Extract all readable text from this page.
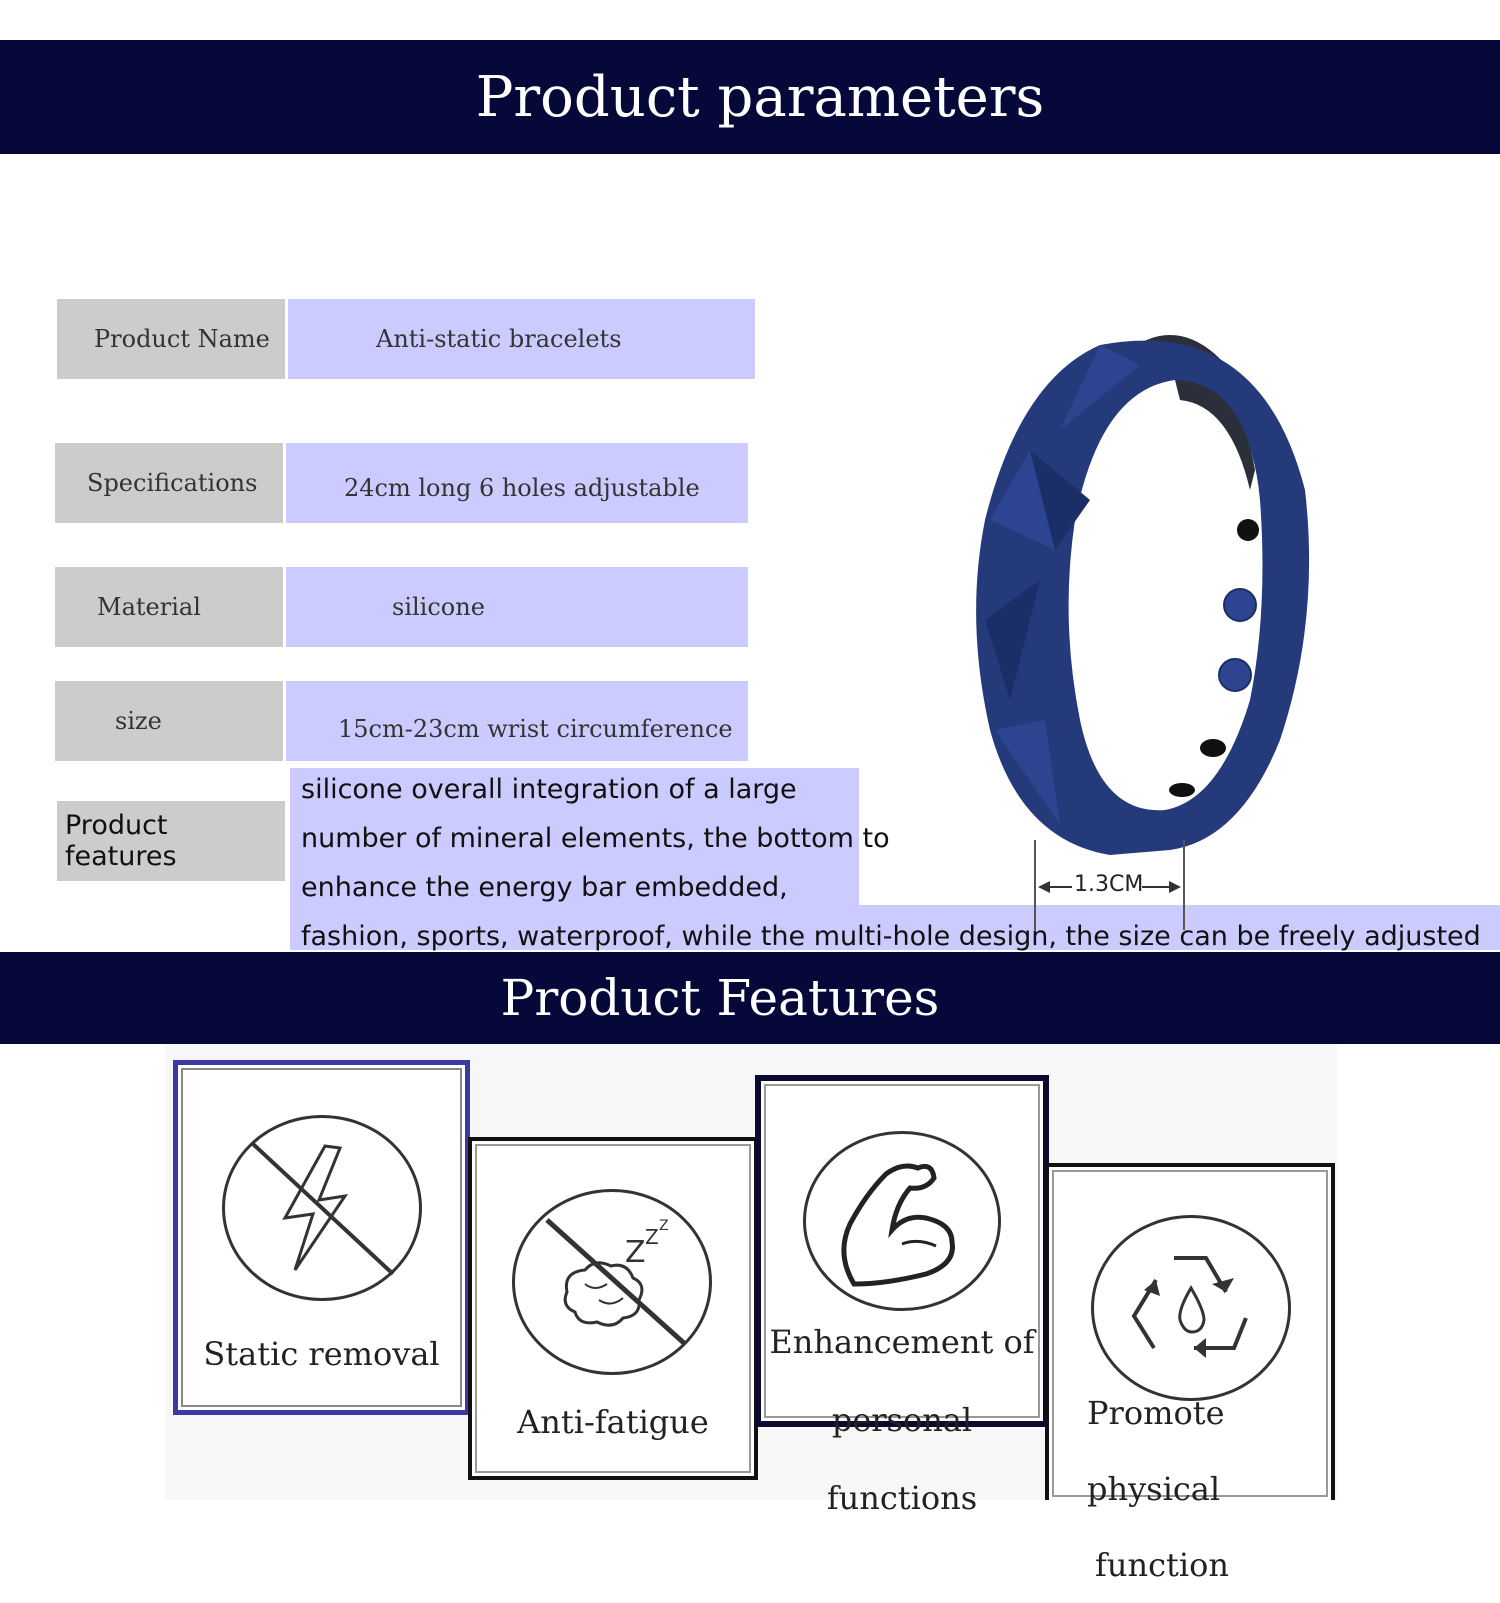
Product parameters
Product Name	Anti-static bracelets
Specifications	24cm long 6 holes adjustable
Material	silicone
size	15cm-23cm wrist circumference
Product features
silicone overall integration of a large
number of mineral elements, the bottom to
enhance the energy bar embedded,
fashion, sports, waterproof, while the multi-hole design, the size can be freely adjusted
1.3CM
Product Features
Static removal
Z Z Z
Anti-fatigue
Enhancement of
personal functions
Promote physical
function
